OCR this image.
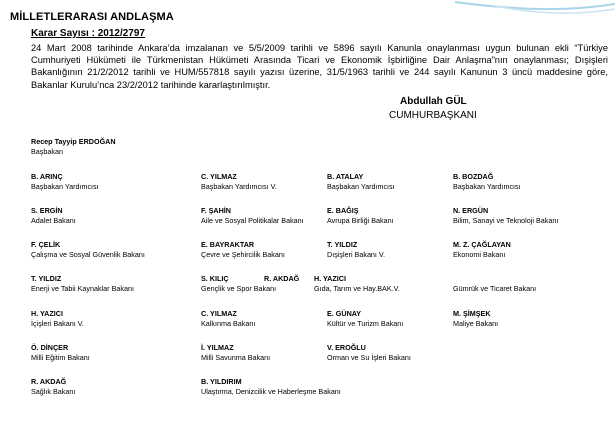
MİLLETLERARASI ANDLAŞMA
Karar Sayısı : 2012/2797
24 Mart 2008 tarihinde Ankara’da imzalanan ve 5/5/2009 tarihli ve 5896 sayılı Kanunla onaylanması uygun bulunan ekli “Türkiye Cumhuriyeti Hükümeti ile Türkmenistan Hükümeti Arasında Ticari ve Ekonomik İşbirliğine Dair Anlaşma”nın onaylanması; Dışişleri Bakanlığının 21/2/2012 tarihli ve HUM/557818 sayılı yazısı üzerine, 31/5/1963 tarihli ve 244 sayılı Kanunun 3 üncü maddesine göre, Bakanlar Kurulu’nca 23/2/2012 tarihinde kararlaştırılmıştır.
Abdullah GÜL
CUMHURBAŞKANI
Recep Tayyip ERDOĞAN
Başbakan
B. ARINÇ
Başbakan Yardımcısı
C. YILMAZ
Başbakan Yardımcısı V.
B. ATALAY
Başbakan Yardımcısı
B. BOZDAĞ
Başbakan Yardımcısı
S. ERGİN
Adalet Bakanı
F. ŞAHİN
Aile ve Sosyal Politikalar Bakanı
E. BAĞIŞ
Avrupa Birliği Bakanı
N. ERGÜN
Bilim, Sanayi ve Teknoloji Bakanı
F. ÇELİK
Çalışma ve Sosyal Güvenlik Bakanı
E. BAYRAKTAR
Çevre ve Şehircilik Bakanı
T. YILDIZ
Dışişleri Bakanı V.
M. Z. ÇAĞLAYAN
Ekonomi Bakanı
T. YILDIZ
Enerji ve Tabii Kaynaklar Bakanı
S. KILIÇ
Gençlik ve Spor Bakanı
R. AKDAĞ H. YAZICI
Gıda, Tarım ve Hay.BAK.V.	Gümrük ve Ticaret Bakanı
H. YAZICI
İçişleri Bakanı V.
C. YILMAZ
Kalkınma Bakanı
E. GÜNAY
Kültür ve Turizm Bakanı
M. ŞİMŞEK
Maliye Bakanı
Ö. DİNÇER
Milli Eğitim Bakanı
İ. YILMAZ
Milli Savunma Bakanı
V. EROĞLU
Orman ve Su İşleri Bakanı
R. AKDAĞ
Sağlık Bakanı
B. YILDIRIM
Ulaştırma, Denizcilik ve Haberleşme Bakanı
